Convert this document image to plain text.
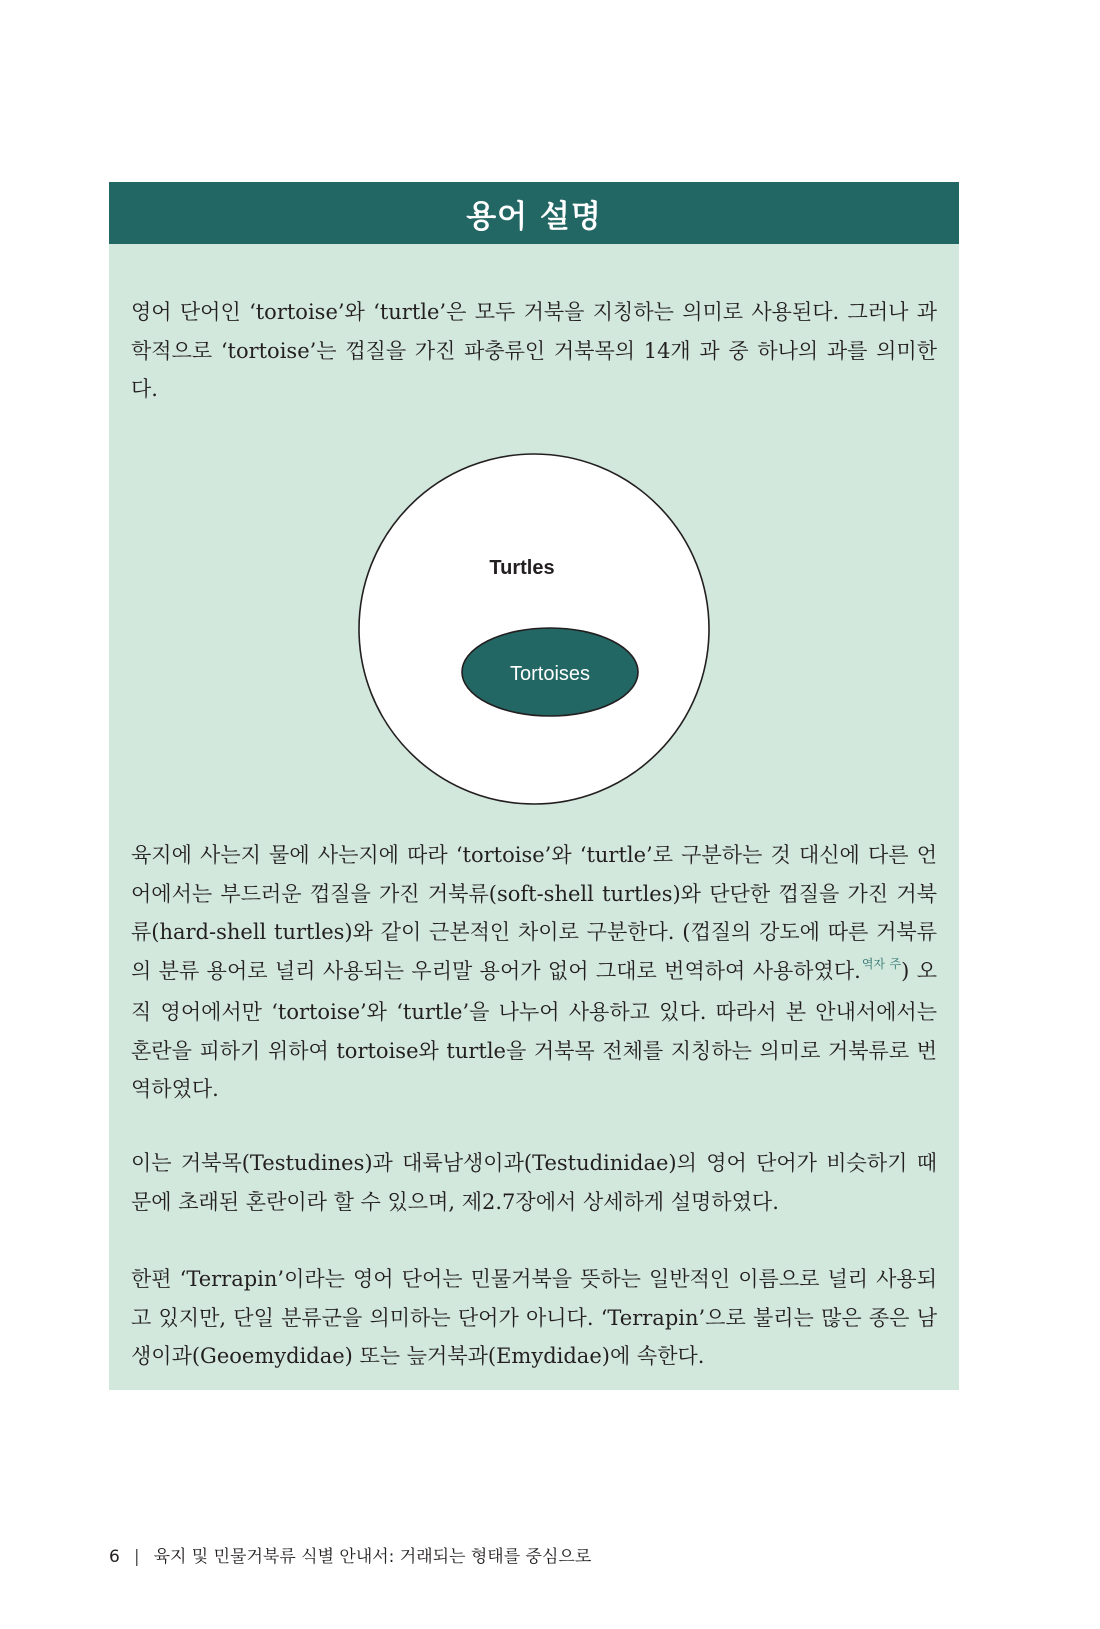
용어 설명

영어 단어인 ‘tortoise’와 ‘turtle’은 모두 거북을 지칭하는 의미로 사용된다. 그러나 과학적으로 ‘tortoise’는 껍질을 가진 파충류인 거북목의 14개 과 중 하나의 과를 의미한다.

Turtles
Tortoises

육지에 사는지 물에 사는지에 따라 ‘tortoise’와 ‘turtle’로 구분하는 것 대신에 다른 언어에서는 부드러운 껍질을 가진 거북류(soft-shell turtles)와 단단한 껍질을 가진 거북류(hard-shell turtles)와 같이 근본적인 차이로 구분한다. (껍질의 강도에 따른 거북류의 분류 용어로 널리 사용되는 우리말 용어가 없어 그대로 번역하여 사용하였다.$^{역자 주}$) 오직 영어에서만 ‘tortoise’와 ‘turtle’을 나누어 사용하고 있다. 따라서 본 안내서에서는 혼란을 피하기 위하여 tortoise와 turtle을 거북목 전체를 지칭하는 의미로 거북류로 번역하였다.

이는 거북목(Testudines)과 대륙남생이과(Testudinidae)의 영어 단어가 비슷하기 때문에 초래된 혼란이라 할 수 있으며, 제2.7장에서 상세하게 설명하였다.

한편 ‘Terrapin’이라는 영어 단어는 민물거북을 뜻하는 일반적인 이름으로 널리 사용되고 있지만, 단일 분류군을 의미하는 단어가 아니다. ‘Terrapin’으로 불리는 많은 종은 남생이과(Geoemydidae) 또는 늪거북과(Emydidae)에 속한다.

6 | 육지 및 민물거북류 식별 안내서: 거래되는 형태를 중심으로
